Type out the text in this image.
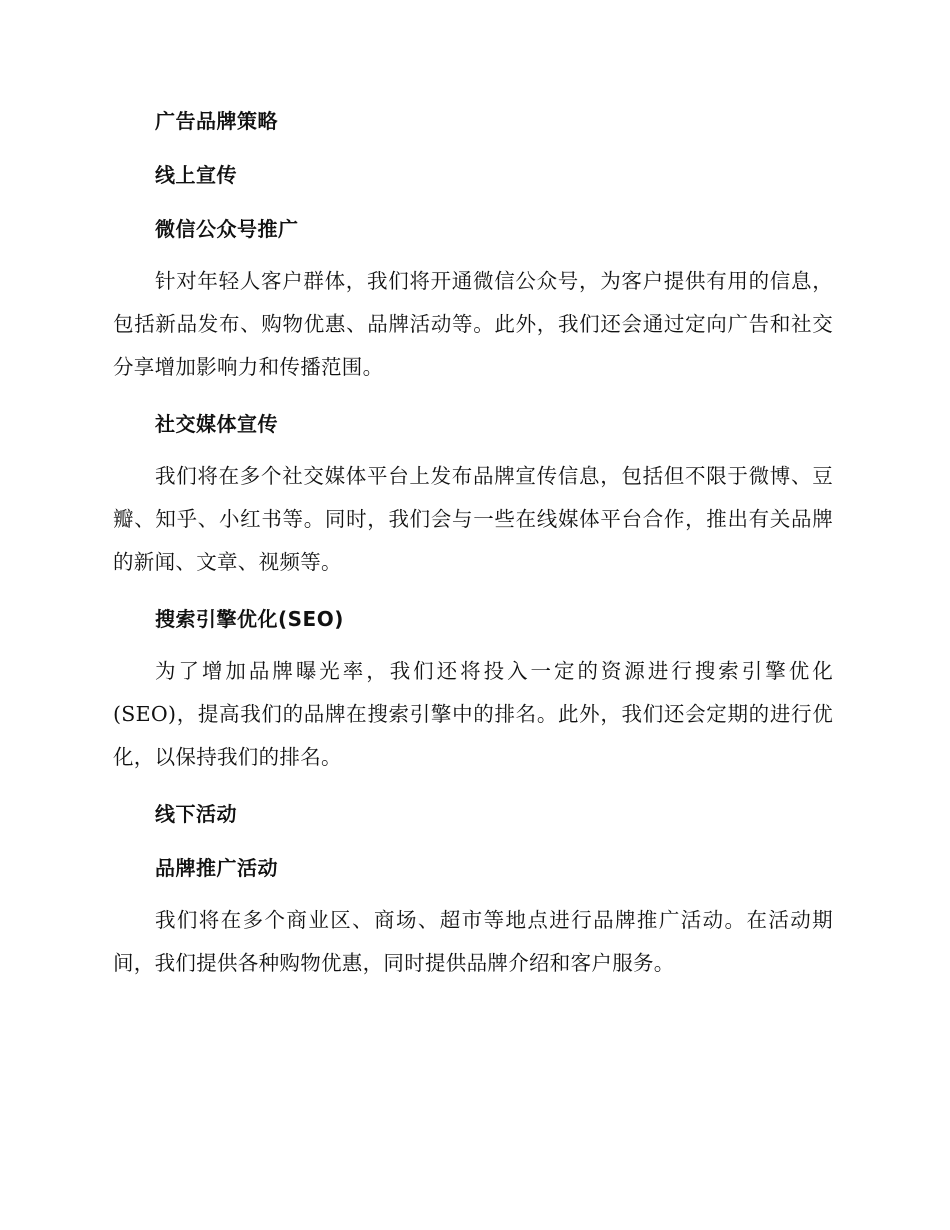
广告品牌策略
线上宣传
微信公众号推广

针对年轻人客户群体，我们将开通微信公众号，为客户提供有用的信息，包括新品发布、购物优惠、品牌活动等。此外，我们还会通过定向广告和社交分享增加影响力和传播范围。

社交媒体宣传

我们将在多个社交媒体平台上发布品牌宣传信息，包括但不限于微博、豆瓣、知乎、小红书等。同时，我们会与一些在线媒体平台合作，推出有关品牌的新闻、文章、视频等。

搜索引擎优化(SEO)

为了增加品牌曝光率，我们还将投入一定的资源进行搜索引擎优化(SEO)，提高我们的品牌在搜索引擎中的排名。此外，我们还会定期的进行优化，以保持我们的排名。

线下活动
品牌推广活动

我们将在多个商业区、商场、超市等地点进行品牌推广活动。在活动期间，我们提供各种购物优惠，同时提供品牌介绍和客户服务。
